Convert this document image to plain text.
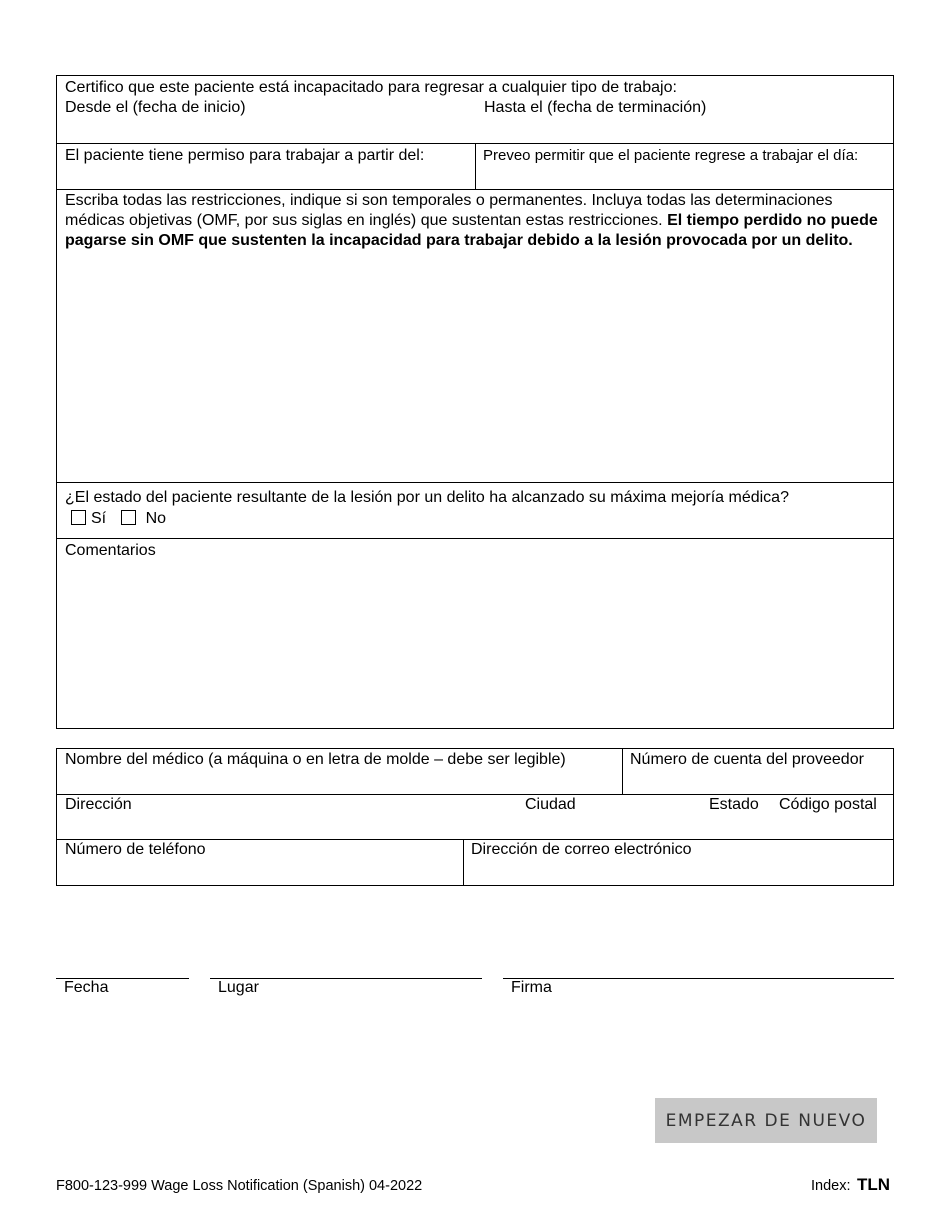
Certifico que este paciente está incapacitado para regresar a cualquier tipo de trabajo:
Desde el (fecha de inicio)	Hasta el (fecha de terminación)
El paciente tiene permiso para trabajar a partir del:	Preveo permitir que el paciente regrese a trabajar el día:
Escriba todas las restricciones, indique si son temporales o permanentes. Incluya todas las determinaciones médicas objetivas (OMF, por sus siglas en inglés) que sustentan estas restricciones. El tiempo perdido no puede pagarse sin OMF que sustenten la incapacidad para trabajar debido a la lesión provocada por un delito.
¿El estado del paciente resultante de la lesión por un delito ha alcanzado su máxima mejoría médica?
Sí No
Comentarios
Nombre del médico (a máquina o en letra de molde – debe ser legible)	Número de cuenta del proveedor
Dirección	Ciudad	Estado Código postal
Número de teléfono	Dirección de correo electrónico
Fecha	Lugar	Firma
EMPEZAR DE NUEVO
F800-123-999 Wage Loss Notification (Spanish) 04-2022	Index: TLN
